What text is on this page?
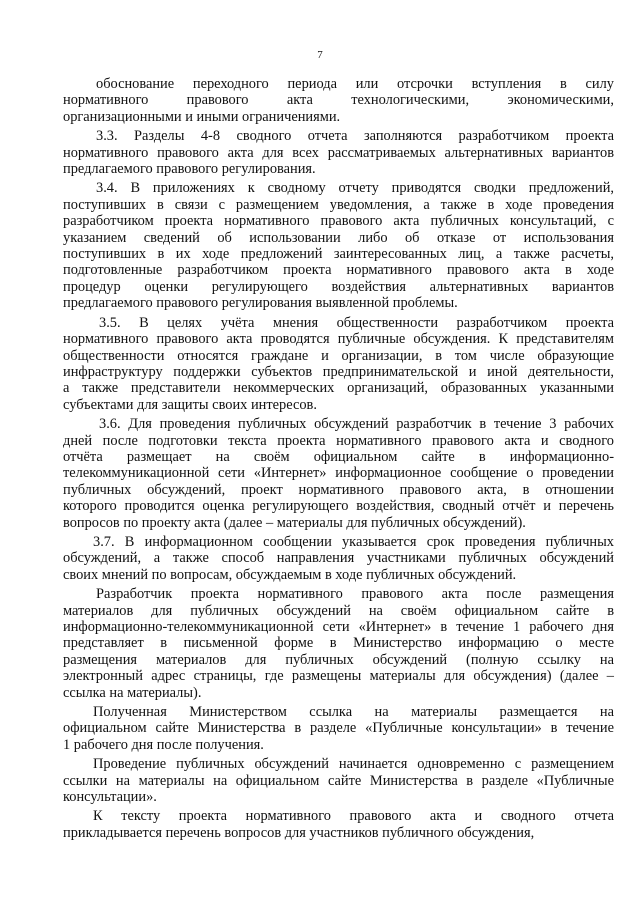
7
обоснование переходного периода или отсрочки вступления в силу
нормативного правового акта технологическими, экономическими,
организационными и иными ограничениями.
3.3. Разделы 4-8 сводного отчета заполняются разработчиком проекта
нормативного правового акта для всех рассматриваемых альтернативных вариантов
предлагаемого правового регулирования.
3.4. В приложениях к сводному отчету приводятся сводки предложений,
поступивших в связи с размещением уведомления, а также в ходе проведения
разработчиком проекта нормативного правового акта публичных консультаций, с
указанием сведений об использовании либо об отказе от использования
поступивших в их ходе предложений заинтересованных лиц, а также расчеты,
подготовленные разработчиком проекта нормативного правового акта в ходе
процедур оценки регулирующего воздействия альтернативных вариантов
предлагаемого правового регулирования выявленной проблемы.
3.5. В целях учёта мнения общественности разработчиком проекта
нормативного правового акта проводятся публичные обсуждения. К представителям
общественности относятся граждане и организации, в том числе образующие
инфраструктуру поддержки субъектов предпринимательской и иной деятельности,
а также представители некоммерческих организаций, образованных указанными
субъектами для защиты своих интересов.
3.6. Для проведения публичных обсуждений разработчик в течение 3 рабочих
дней после подготовки текста проекта нормативного правового акта и сводного
отчёта размещает на своём официальном сайте в информационно-
телекоммуникационной сети «Интернет» информационное сообщение о проведении
публичных обсуждений, проект нормативного правового акта, в отношении
которого проводится оценка регулирующего воздействия, сводный отчёт и перечень
вопросов по проекту акта (далее – материалы для публичных обсуждений).
3.7. В информационном сообщении указывается срок проведения публичных
обсуждений, а также способ направления участниками публичных обсуждений
своих мнений по вопросам, обсуждаемым в ходе публичных обсуждений.
Разработчик проекта нормативного правового акта после размещения
материалов для публичных обсуждений на своём официальном сайте в
информационно-телекоммуникационной сети «Интернет» в течение 1 рабочего дня
представляет в письменной форме в Министерство информацию о месте
размещения материалов для публичных обсуждений (полную ссылку на
электронный адрес страницы, где размещены материалы для обсуждения) (далее –
ссылка на материалы).
Полученная Министерством ссылка на материалы размещается на
официальном сайте Министерства в разделе «Публичные консультации» в течение
1 рабочего дня после получения.
Проведение публичных обсуждений начинается одновременно с размещением
ссылки на материалы на официальном сайте Министерства в разделе «Публичные
консультации».
К тексту проекта нормативного правового акта и сводного отчета
прикладывается перечень вопросов для участников публичного обсуждения,
